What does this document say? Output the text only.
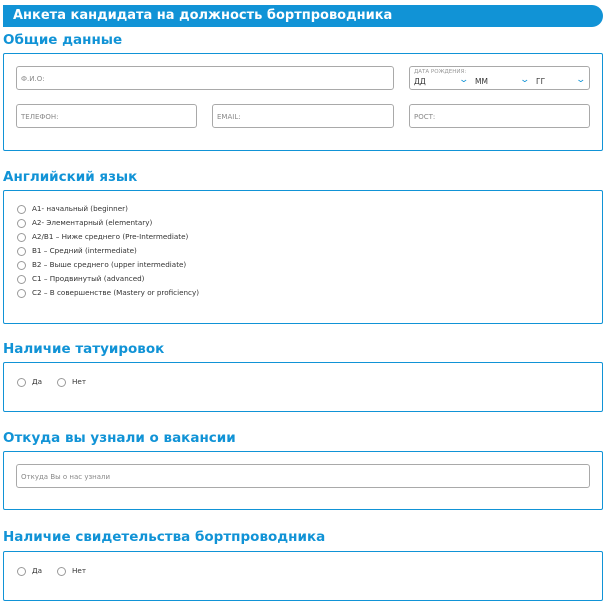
Анкета кандидата на должность бортпроводника
Общие данные
Ф.И.О:
ДАТА РОЖДЕНИЯ:
ДД	⌄ ММ	⌄ ГГ	⌄
ТЕЛЕФОН:	EMAIL:	РОСТ:
Английский язык
A1- начальный (beginner)
A2- Элементарный (elementary)
A2/B1 – Ниже среднего (Pre-Intermediate)
B1 – Средний (intermediate)
B2 – Выше среднего (upper intermediate)
C1 – Продвинутый (advanced)
C2 – В совершенстве (Mastery or proficiency)
Наличие татуировок
Да	Нет
Откуда вы узнали о вакансии
Откуда Вы о нас узнали
Наличие свидетельства бортпроводника
Да	Нет
